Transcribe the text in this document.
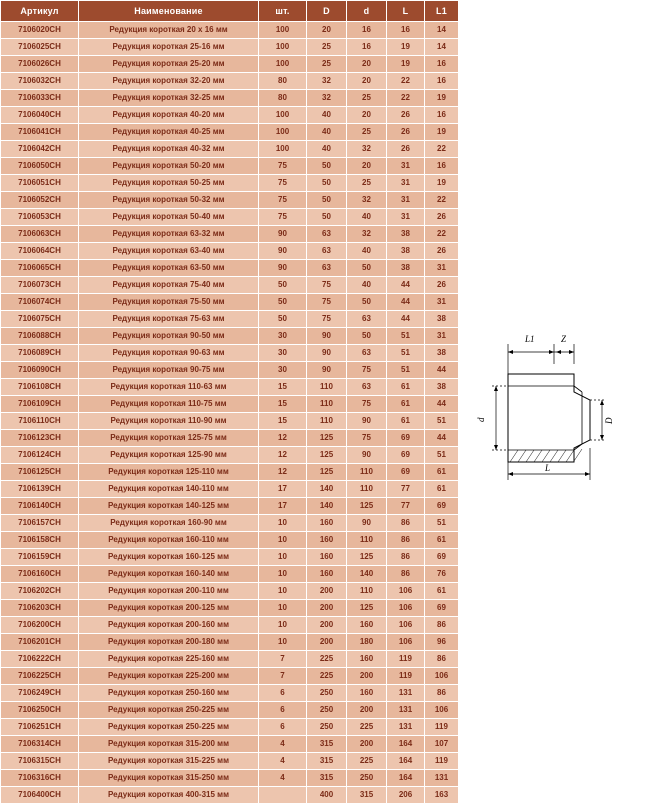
Артикул	Наименование	шт.	D	d	L	L1
7106020CH	Редукция короткая 20 х 16 мм	100	20	16	16	14
7106025CH	Редукция короткая 25-16 мм	100	25	16	19	14
7106026CH	Редукция короткая 25-20 мм	100	25	20	19	16
7106032CH	Редукция короткая 32-20 мм	80	32	20	22	16
7106033CH	Редукция короткая 32-25 мм	80	32	25	22	19
7106040CH	Редукция короткая 40-20 мм	100	40	20	26	16
7106041CH	Редукция короткая 40-25 мм	100	40	25	26	19
7106042CH	Редукция короткая 40-32 мм	100	40	32	26	22
7106050CH	Редукция короткая 50-20 мм	75	50	20	31	16
7106051CH	Редукция короткая 50-25 мм	75	50	25	31	19
7106052CH	Редукция короткая 50-32 мм	75	50	32	31	22
7106053CH	Редукция короткая 50-40 мм	75	50	40	31	26
7106063CH	Редукция короткая 63-32 мм	90	63	32	38	22
7106064CH	Редукция короткая 63-40 мм	90	63	40	38	26
7106065CH	Редукция короткая 63-50 мм	90	63	50	38	31
7106073CH	Редукция короткая 75-40 мм	50	75	40	44	26
7106074CH	Редукция короткая 75-50 мм	50	75	50	44	31
7106075CH	Редукция короткая 75-63 мм	50	75	63	44	38
7106088CH	Редукция короткая 90-50 мм	30	90	50	51	31
7106089CH	Редукция короткая 90-63 мм	30	90	63	51	38
7106090CH	Редукция короткая 90-75 мм	30	90	75	51	44
7106108CH	Редукция короткая 110-63 мм	15	110	63	61	38
7106109CH	Редукция короткая 110-75 мм	15	110	75	61	44
7106110CH	Редукция короткая 110-90 мм	15	110	90	61	51
7106123CH	Редукция короткая 125-75 мм	12	125	75	69	44
7106124CH	Редукция короткая 125-90 мм	12	125	90	69	51
7106125CH	Редукция короткая 125-110 мм	12	125	110	69	61
7106139CH	Редукция короткая 140-110 мм	17	140	110	77	61
7106140CH	Редукция короткая 140-125 мм	17	140	125	77	69
7106157CH	Редукция короткая 160-90 мм	10	160	90	86	51
7106158CH	Редукция короткая 160-110 мм	10	160	110	86	61
7106159CH	Редукция короткая 160-125 мм	10	160	125	86	69
7106160CH	Редукция короткая 160-140 мм	10	160	140	86	76
7106202CH	Редукция короткая 200-110 мм	10	200	110	106	61
7106203CH	Редукция короткая 200-125 мм	10	200	125	106	69
7106200CH	Редукция короткая 200-160 мм	10	200	160	106	86
7106201CH	Редукция короткая 200-180 мм	10	200	180	106	96
7106222CH	Редукция короткая 225-160 мм	7	225	160	119	86
7106225CH	Редукция короткая 225-200 мм	7	225	200	119	106
7106249CH	Редукция короткая 250-160 мм	6	250	160	131	86
7106250CH	Редукция короткая 250-225 мм	6	250	200	131	106
7106251CH	Редукция короткая 250-225 мм	6	250	225	131	119
7106314CH	Редукция короткая 315-200 мм	4	315	200	164	107
7106315CH	Редукция короткая 315-225 мм	4	315	225	164	119
7106316CH	Редукция короткая 315-250 мм	4	315	250	164	131
7106400CH	Редукция короткая 400-315 мм		400	315	206	163
L1	Z
d	D
L
